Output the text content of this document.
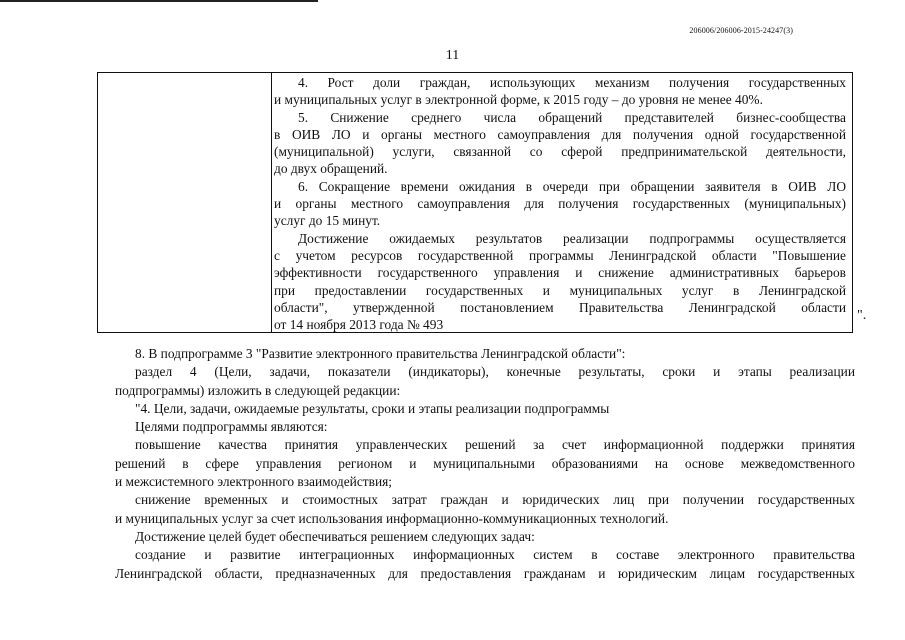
206006/206006-2015-24247(3)
11
4. Рост доли граждан, использующих механизм получения государственных
и муниципальных услуг в электронной форме, к 2015 году – до уровня не менее 40%.
5. Снижение среднего числа обращений представителей бизнес-сообщества
в ОИВ ЛО и органы местного самоуправления для получения одной государственной
(муниципальной) услуги, связанной со сферой предпринимательской деятельности,
до двух обращений.
6. Сокращение времени ожидания в очереди при обращении заявителя в ОИВ ЛО
и органы местного самоуправления для получения государственных (муниципальных)
услуг до 15 минут.
Достижение ожидаемых результатов реализации подпрограммы осуществляется
с учетом ресурсов государственной программы Ленинградской области "Повышение
эффективности государственного управления и снижение административных барьеров
при предоставлении государственных и муниципальных услуг в Ленинградской
области", утвержденной постановлением Правительства Ленинградской области
от 14 ноября 2013 года № 493
".
8. В подпрограмме 3 "Развитие электронного правительства Ленинградской области":
раздел 4 (Цели, задачи, показатели (индикаторы), конечные результаты, сроки и этапы реализации
подпрограммы) изложить в следующей редакции:
"4. Цели, задачи, ожидаемые результаты, сроки и этапы реализации подпрограммы
Целями подпрограммы являются:
повышение качества принятия управленческих решений за счет информационной поддержки принятия
решений в сфере управления регионом и муниципальными образованиями на основе межведомственного
и межсистемного электронного взаимодействия;
снижение временных и стоимостных затрат граждан и юридических лиц при получении государственных
и муниципальных услуг за счет использования информационно-коммуникационных технологий.
Достижение целей будет обеспечиваться решением следующих задач:
создание и развитие интеграционных информационных систем в составе электронного правительства
Ленинградской области, предназначенных для предоставления гражданам и юридическим лицам государственных
